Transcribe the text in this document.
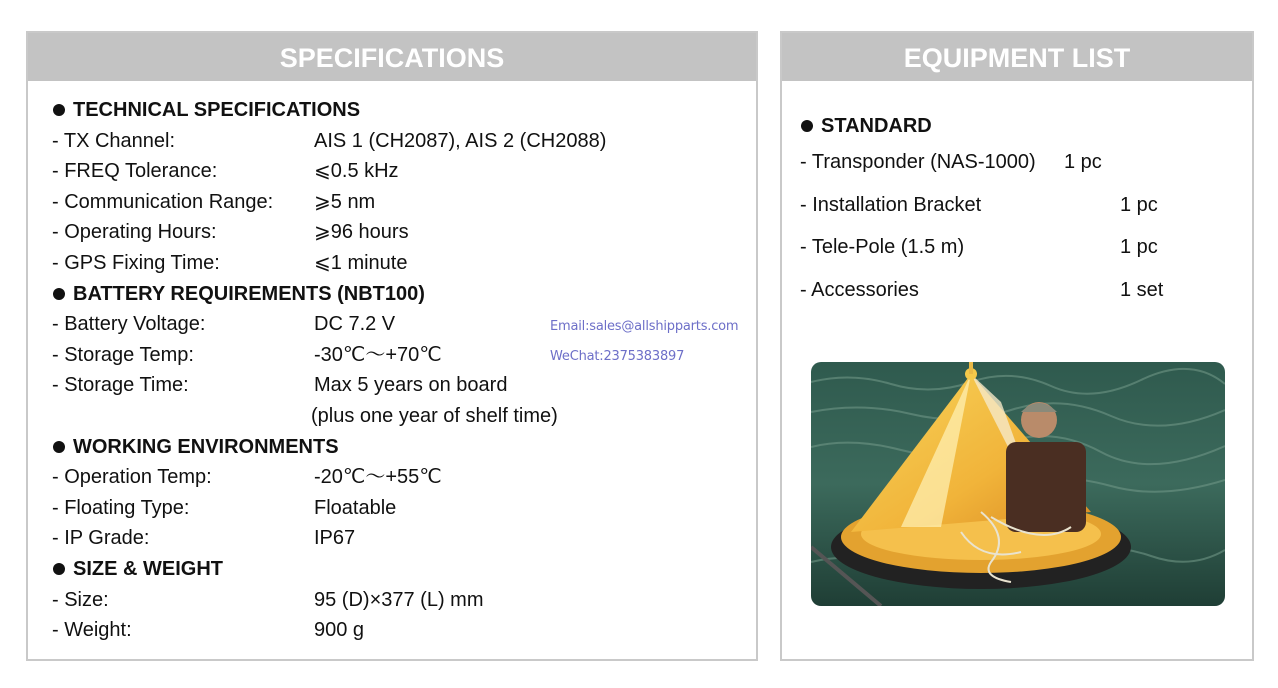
SPECIFICATIONS
TECHNICAL SPECIFICATIONS
- TX Channel:	AIS 1 (CH2087), AIS 2 (CH2088)
- FREQ Tolerance:	⩽0.5 kHz
- Communication Range:	⩾5 nm
- Operating Hours:	⩾96 hours
- GPS Fixing Time:	⩽1 minute
BATTERY REQUIREMENTS (NBT100)
- Battery Voltage:	DC 7.2 V
- Storage Temp:	-30℃～+70℃
- Storage Time:	Max 5 years on board
(plus one year of shelf time)
WORKING ENVIRONMENTS
- Operation Temp:	-20℃～+55℃
- Floating Type:	Floatable
- IP Grade:	IP67
SIZE & WEIGHT
- Size:	95 (D)×377 (L) mm
- Weight:	900 g
Email:sales@allshipparts.com
WeChat:2375383897
EQUIPMENT LIST
STANDARD
- Transponder (NAS-1000) 1 pc
- Installation Bracket	1 pc
- Tele-Pole (1.5 m)	1 pc
- Accessories	1 set
